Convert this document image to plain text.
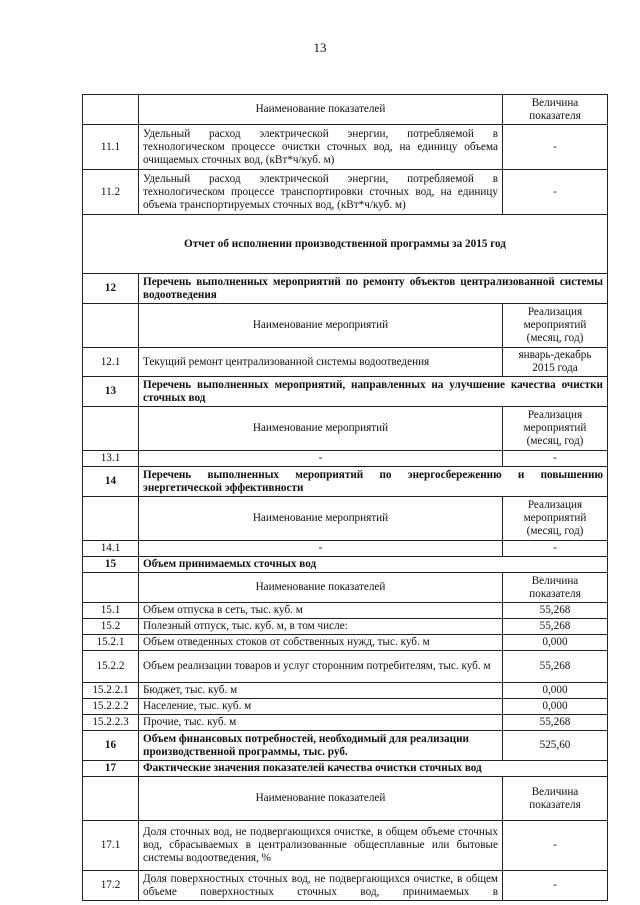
13
	Наименование показателей	Величина показателя
11.1	Удельный расход электрической энергии, потребляемой в технологическом процессе очистки сточных вод, на единицу объема очищаемых сточных вод, (кВт*ч/куб. м)	-
11.2	Удельный расход электрической энергии, потребляемой в технологическом процессе транспортировки сточных вод, на единицу объема транспортируемых сточных вод, (кВт*ч/куб. м)	-
Отчет об исполнении производственной программы за 2015 год		
12	Перечень выполненных мероприятий по ремонту объектов централизованной системы водоотведения	
	Наименование мероприятий	Реализация мероприятий (месяц, год)
12.1	Текущий ремонт централизованной системы водоотведения	январь-декабрь 2015 года
13	Перечень выполненных мероприятий, направленных на улучшение качества очистки сточных вод	
	Наименование мероприятий	Реализация мероприятий (месяц, год)
13.1	-	-
14	Перечень выполненных мероприятий по энергосбережению и повышению энергетической эффективности	
	Наименование мероприятий	Реализация мероприятий (месяц, год)
14.1	-	-
15	Объем принимаемых сточных вод	
	Наименование показателей	Величина показателя
15.1	Объем отпуска в сеть, тыс. куб. м	55,268
15.2	Полезный отпуск, тыс. куб. м, в том числе:	55,268
15.2.1	Объем отведенных стоков от собственных нужд, тыс. куб. м	0,000
15.2.2	Объем реализации товаров и услуг сторонним потребителям, тыс. куб. м	55,268
15.2.2.1	Бюджет, тыс. куб. м	0,000
15.2.2.2	Население, тыс. куб. м	0,000
15.2.2.3	Прочие, тыс. куб. м	55,268
16	Объем финансовых потребностей, необходимый для реализации производственной программы, тыс. руб.	525,60
17	Фактические значения показателей качества очистки сточных вод	
	Наименование показателей	Величина показателя
17.1	Доля сточных вод, не подвергающихся очистке, в общем объеме сточных вод, сбрасываемых в централизованные общесплавные или бытовые системы водоотведения, %	-
17.2	Доля поверхностных сточных вод, не подвергающихся очистке, в общем объеме поверхностных сточных вод, принимаемых в	-
